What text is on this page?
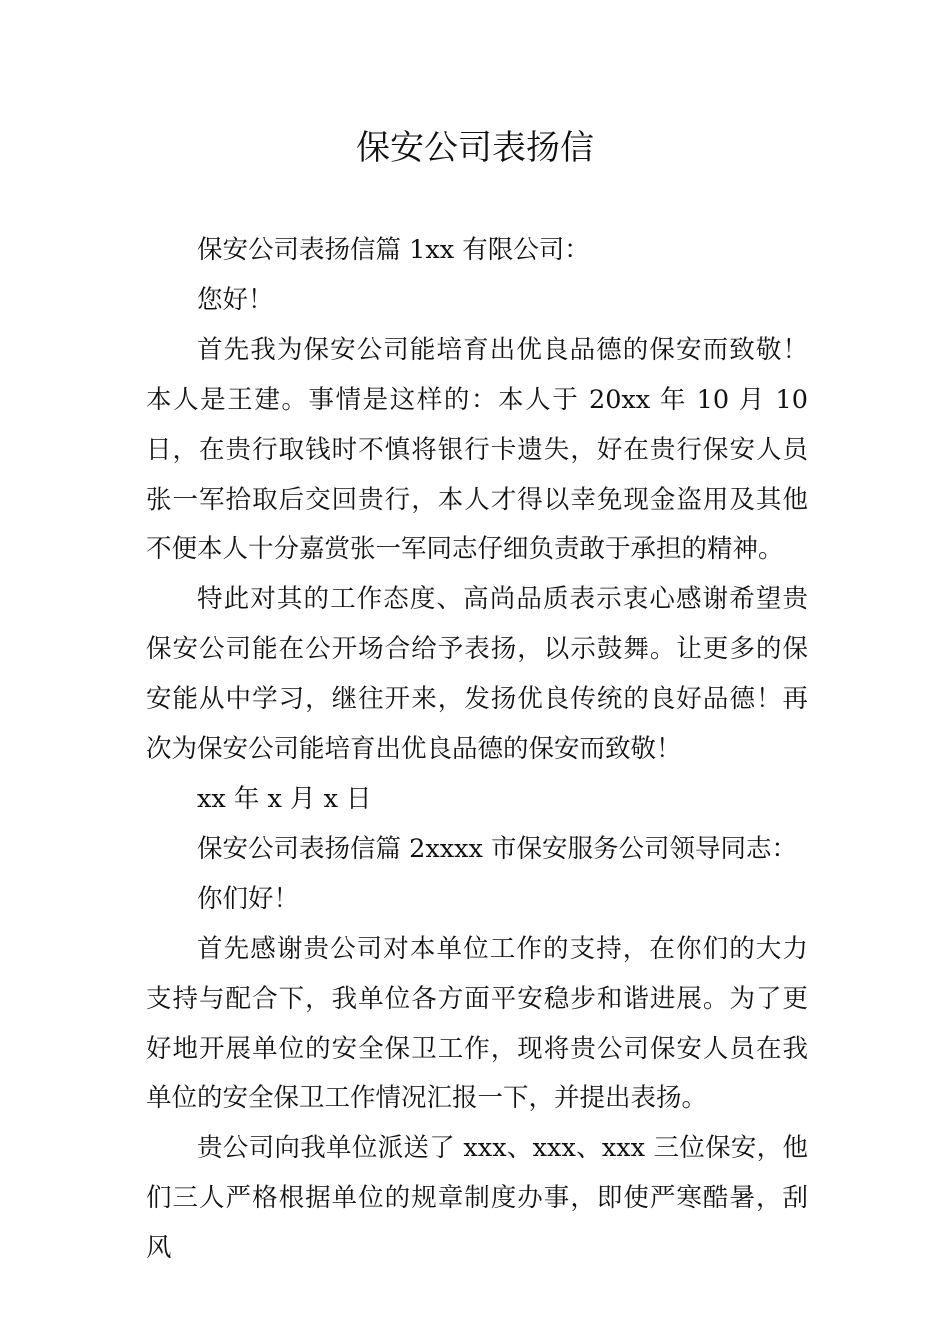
保安公司表扬信

保安公司表扬信篇 1xx 有限公司：

您好！

首先我为保安公司能培育出优良品德的保安而致敬！本人是王建。事情是这样的：本人于 20xx 年 10 月 10 日，在贵行取钱时不慎将银行卡遗失，好在贵行保安人员张一军拾取后交回贵行，本人才得以幸免现金盗用及其他不便本人十分嘉赏张一军同志仔细负责敢于承担的精神。

特此对其的工作态度、高尚品质表示衷心感谢希望贵保安公司能在公开场合给予表扬，以示鼓舞。让更多的保安能从中学习，继往开来，发扬优良传统的良好品德！再次为保安公司能培育出优良品德的保安而致敬！

xx 年 x 月 x 日

保安公司表扬信篇 2xxxx 市保安服务公司领导同志：

你们好！

首先感谢贵公司对本单位工作的支持，在你们的大力支持与配合下，我单位各方面平安稳步和谐进展。为了更好地开展单位的安全保卫工作，现将贵公司保安人员在我单位的安全保卫工作情况汇报一下，并提出表扬。

贵公司向我单位派送了 xxx、xxx、xxx 三位保安，他们三人严格根据单位的规章制度办事，即使严寒酷暑，刮风
